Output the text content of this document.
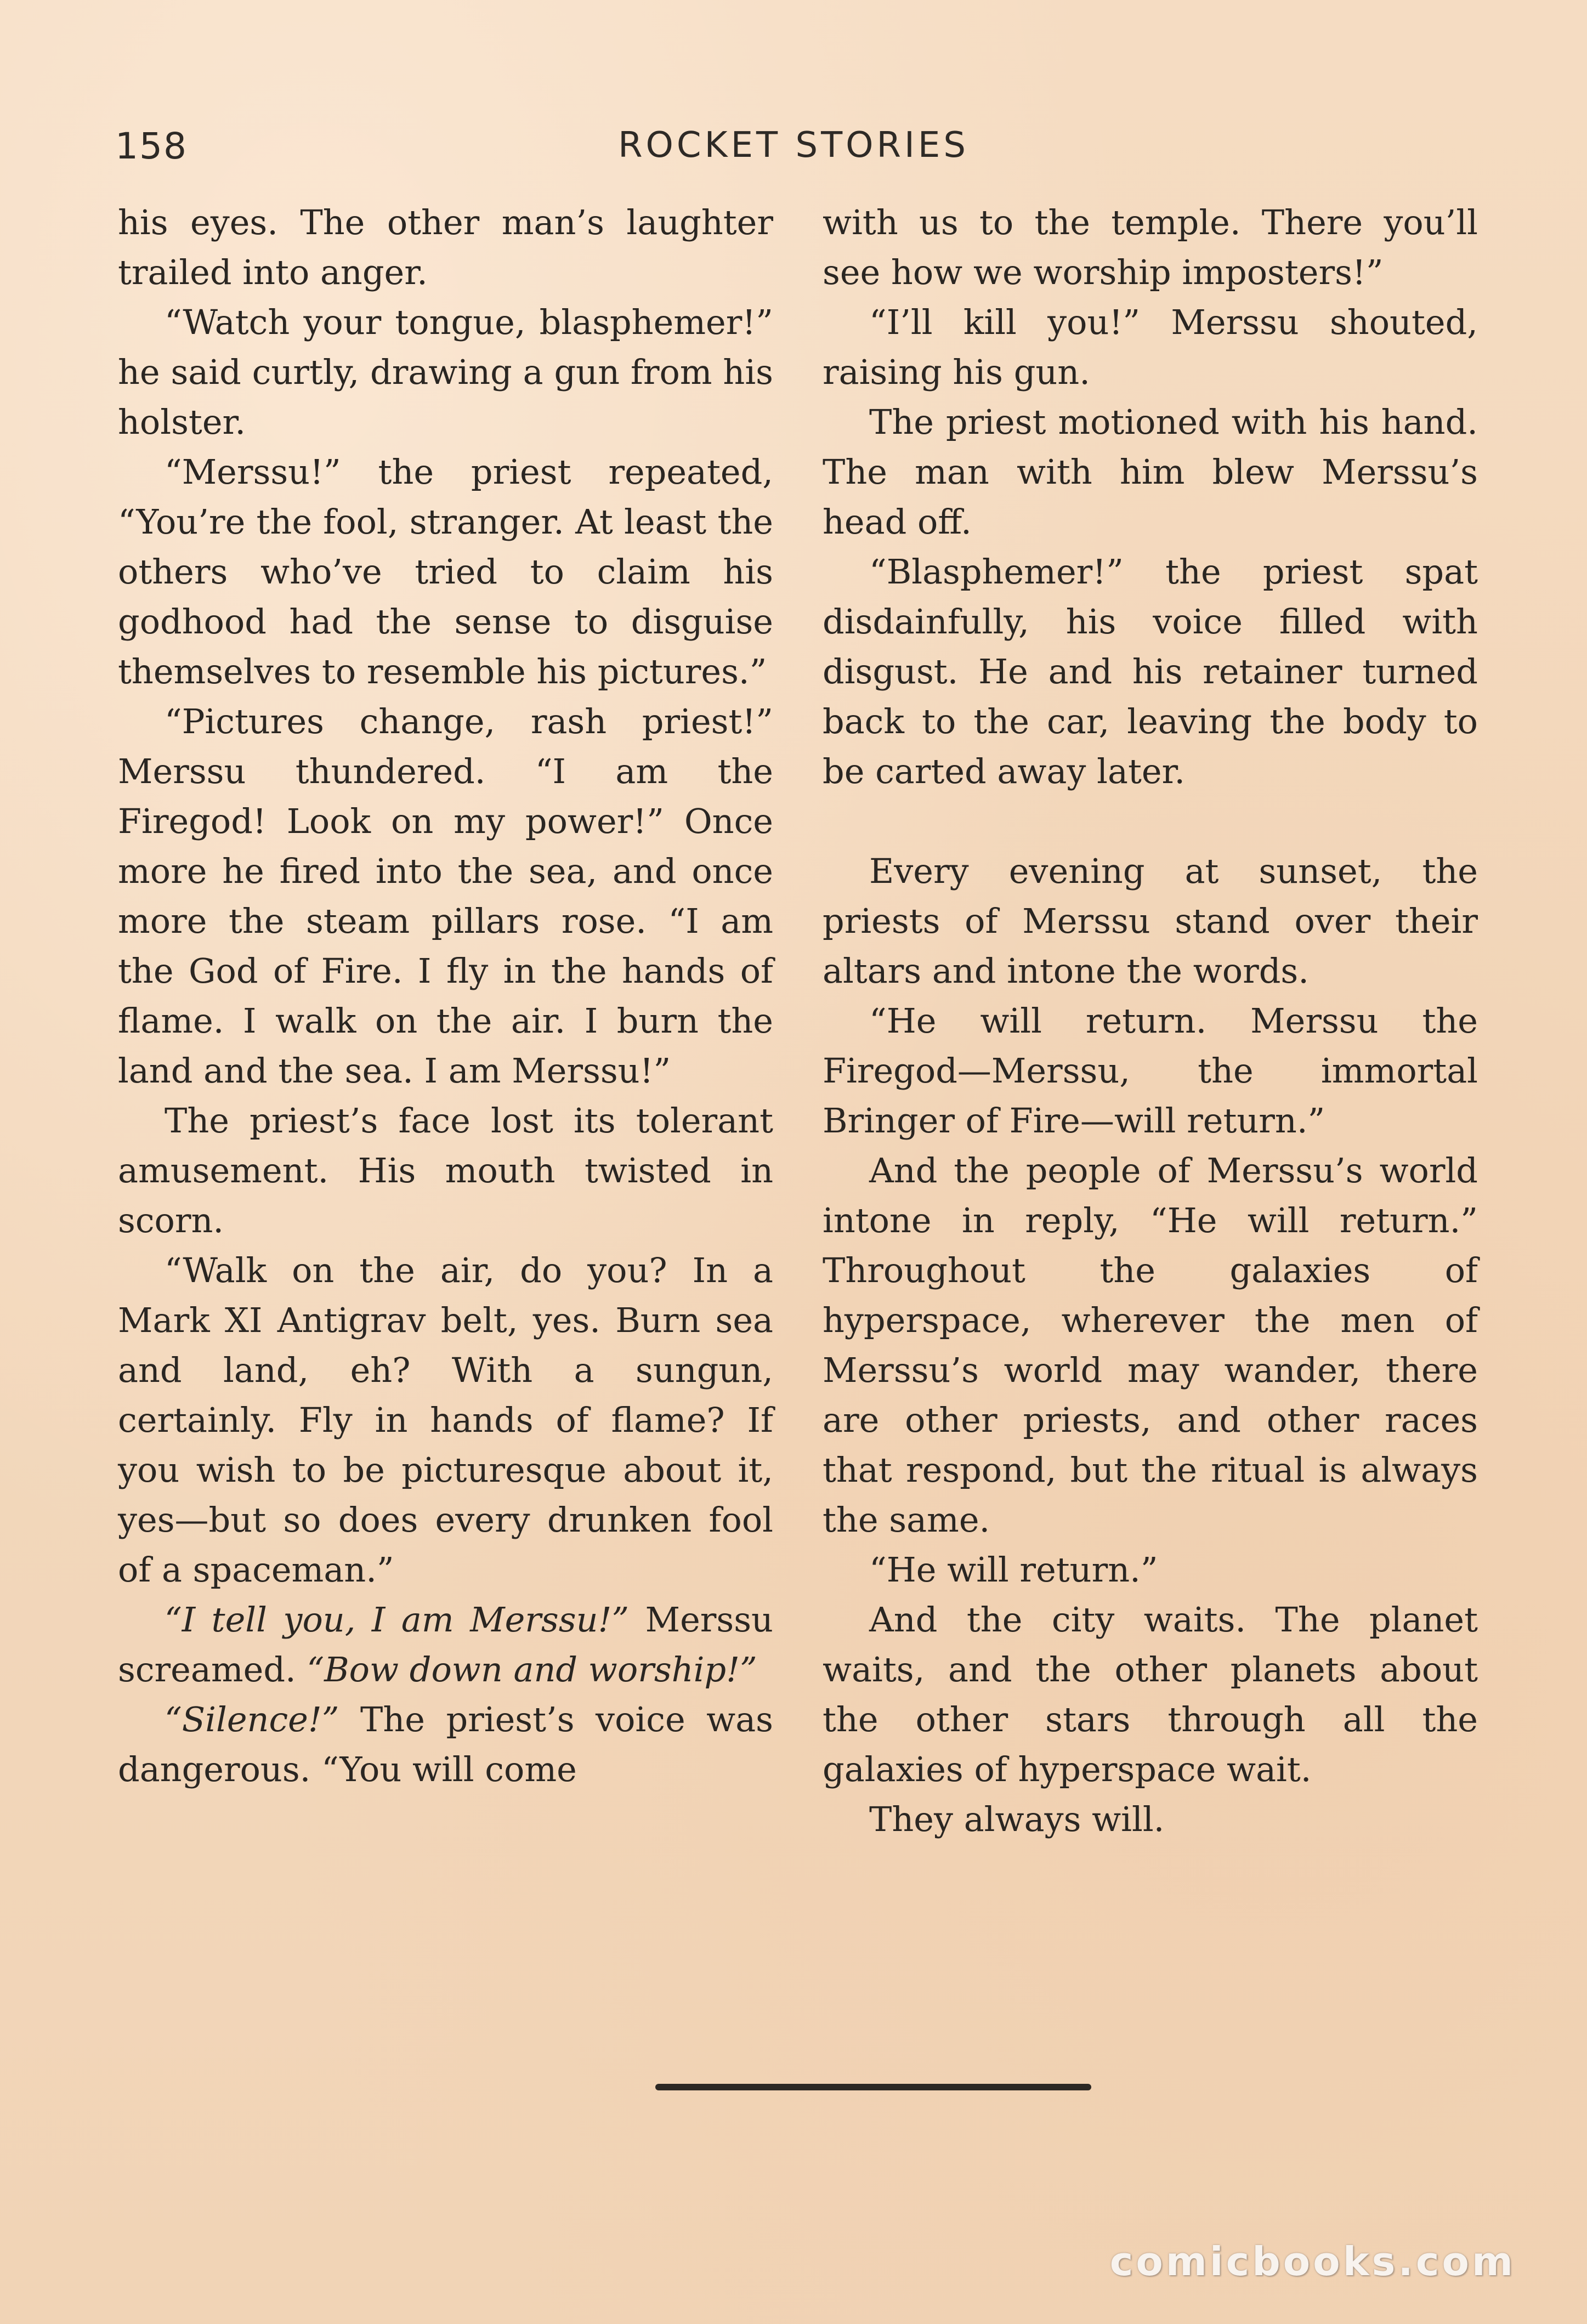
158	ROCKET STORIES

his eyes. The other man’s laughter trailed into anger.

“Watch your tongue, blasphemer!” he said curtly, drawing a gun from his holster.

“Merssu!” the priest repeated, “You’re the fool, stranger. At least the others who’ve tried to claim his godhood had the sense to disguise themselves to resemble his pictures.”

“Pictures change, rash priest!” Merssu thundered. “I am the Firegod! Look on my power!” Once more he fired into the sea, and once more the steam pillars rose. “I am the God of Fire. I fly in the hands of flame. I walk on the air. I burn the land and the sea. I am Merssu!”

The priest’s face lost its tolerant amusement. His mouth twisted in scorn.

“Walk on the air, do you? In a Mark XI Antigrav belt, yes. Burn sea and land, eh? With a sungun, certainly. Fly in hands of flame? If you wish to be picturesque about it, yes—but so does every drunken fool of a spaceman.”

“I tell you, I am Merssu!” Merssu screamed. “Bow down and worship!”

“Silence!” The priest’s voice was dangerous. “You will come

with us to the temple. There you’ll see how we worship imposters!”

“I’ll kill you!” Merssu shouted, raising his gun.

The priest motioned with his hand. The man with him blew Merssu’s head off.

“Blasphemer!” the priest spat disdainfully, his voice filled with disgust. He and his retainer turned back to the car, leaving the body to be carted away later.

Every evening at sunset, the priests of Merssu stand over their altars and intone the words.

“He will return. Merssu the Firegod—Merssu, the immortal Bringer of Fire—will return.”

And the people of Merssu’s world intone in reply, “He will return.” Throughout the galaxies of hyperspace, wherever the men of Merssu’s world may wander, there are other priests, and other races that respond, but the ritual is always the same.

“He will return.”

And the city waits. The planet waits, and the other planets about the other stars through all the galaxies of hyperspace wait.

They always will.

comicbooks.com
